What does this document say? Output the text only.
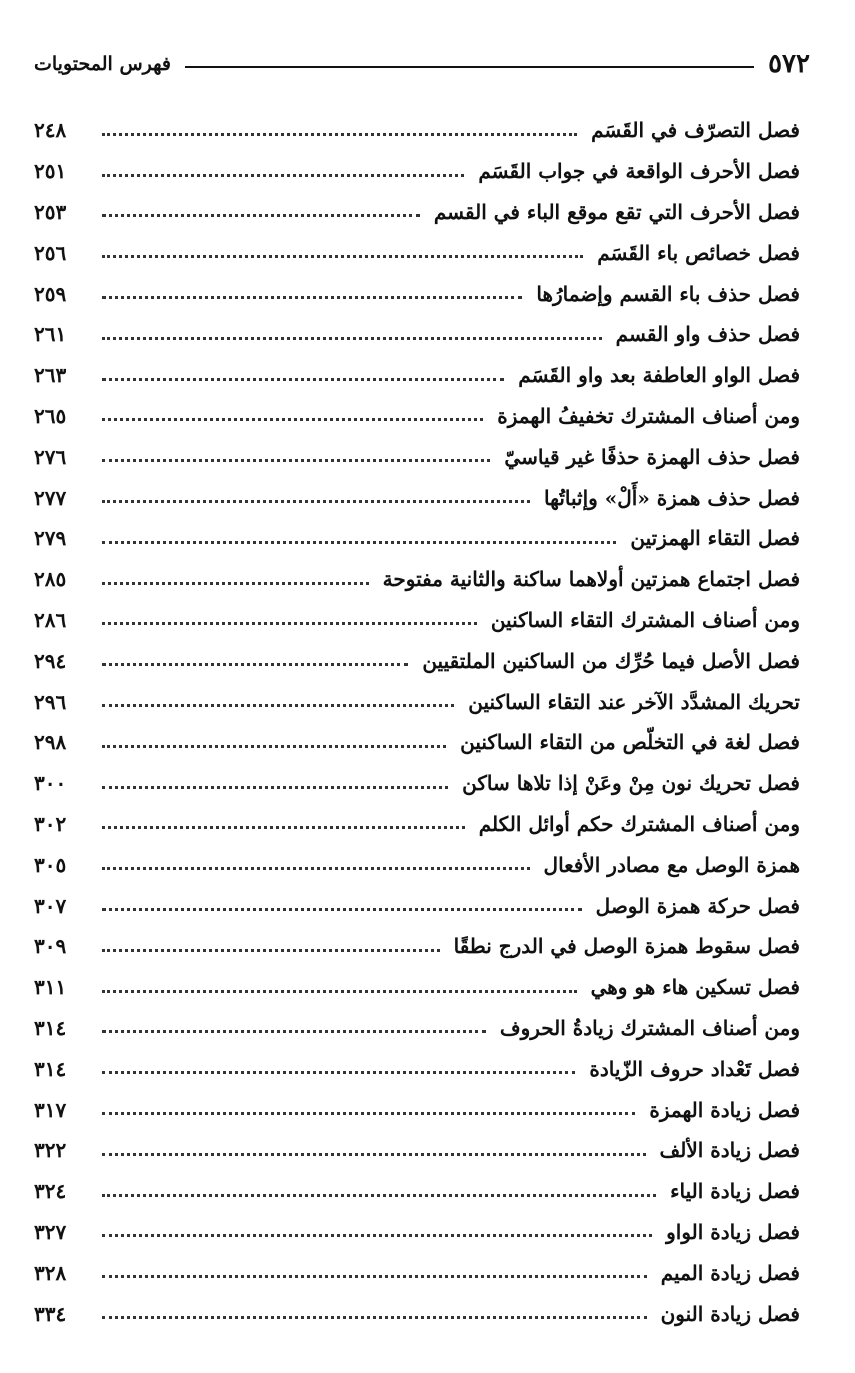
٥٧٢
فهرس المحتويات
فصل التصرّف في القَسَم
٢٤٨
فصل الأحرف الواقعة في جواب القَسَم
٢٥١
فصل الأحرف التي تقع موقع الباء في القسم
٢٥٣
فصل خصائص باء القَسَم
٢٥٦
فصل حذف باء القسم وإضمارُها
٢٥٩
فصل حذف واو القسم
٢٦١
فصل الواو العاطفة بعد واو القَسَم
٢٦٣
ومن أصناف المشترك تخفيفُ الهمزة
٢٦٥
فصل حذف الهمزة حذفًا غير قياسيّ
٢٧٦
فصل حذف همزة «أَلْ» وإثباتُها
٢٧٧
فصل التقاء الهمزتين
٢٧٩
فصل اجتماع همزتين أولاهما ساكنة والثانية مفتوحة
٢٨٥
ومن أصناف المشترك التقاء الساكنين
٢٨٦
فصل الأصل فيما حُرِّك من الساكنين الملتقيين
٢٩٤
تحريك المشدَّد الآخر عند التقاء الساكنين
٢٩٦
فصل لغة في التخلّص من التقاء الساكنين
٢٩٨
فصل تحريك نون مِنْ وعَنْ إذا تلاها ساكن
٣٠٠
ومن أصناف المشترك حكم أوائل الكلم
٣٠٢
همزة الوصل مع مصادر الأفعال
٣٠٥
فصل حركة همزة الوصل
٣٠٧
فصل سقوط همزة الوصل في الدرج نطقًا
٣٠٩
فصل تسكين هاء هو وهي
٣١١
ومن أصناف المشترك زيادةُ الحروف
٣١٤
فصل تَعْداد حروف الزّيادة
٣١٤
فصل زيادة الهمزة
٣١٧
فصل زيادة الألف
٣٢٢
فصل زيادة الياء
٣٢٤
فصل زيادة الواو
٣٢٧
فصل زيادة الميم
٣٢٨
فصل زيادة النون
٣٣٤
